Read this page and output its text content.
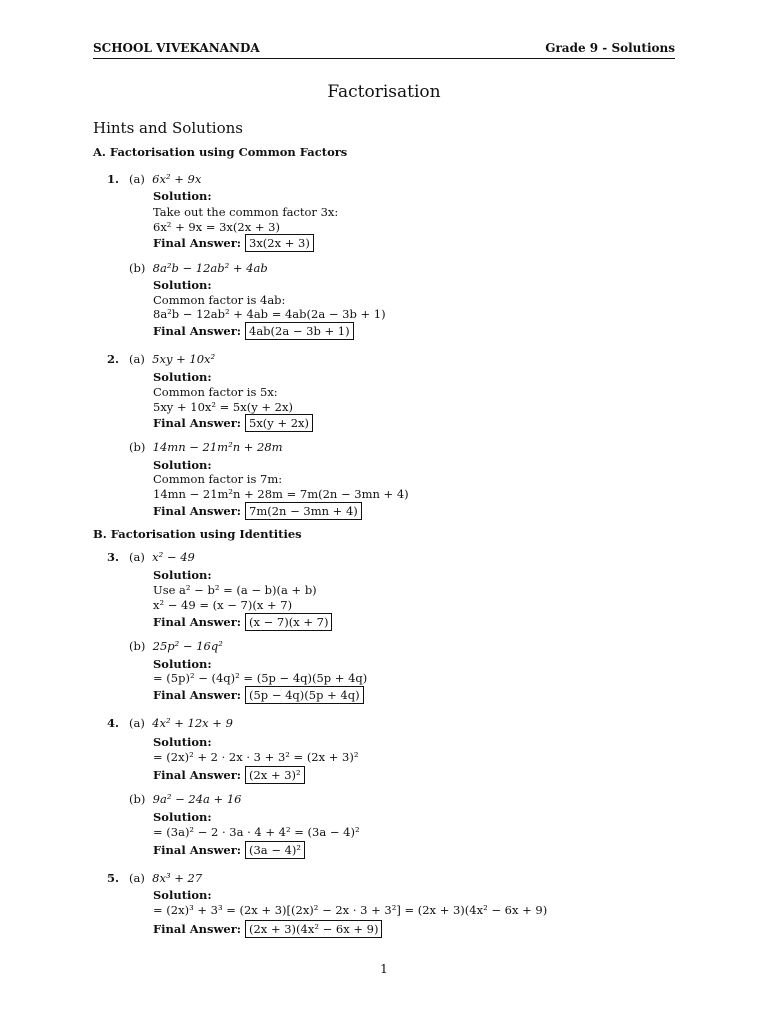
SCHOOL VIVEKANANDA	Grade 9 - Solutions
Factorisation
Hints and Solutions
A. Factorisation using Common Factors
1. (a) 6x² + 9x
Solution:
Take out the common factor 3x:
6x² + 9x = 3x(2x + 3)
Final Answer: 3x(2x + 3)
(b) 8a²b − 12ab² + 4ab
Solution:
Common factor is 4ab:
8a²b − 12ab² + 4ab = 4ab(2a − 3b + 1)
Final Answer: 4ab(2a − 3b + 1)
2. (a) 5xy + 10x²
Solution:
Common factor is 5x:
5xy + 10x² = 5x(y + 2x)
Final Answer: 5x(y + 2x)
(b) 14mn − 21m²n + 28m
Solution:
Common factor is 7m:
14mn − 21m²n + 28m = 7m(2n − 3mn + 4)
Final Answer: 7m(2n − 3mn + 4)
B. Factorisation using Identities
3. (a) x² − 49
Solution:
Use a² − b² = (a − b)(a + b)
x² − 49 = (x − 7)(x + 7)
Final Answer: (x − 7)(x + 7)
(b) 25p² − 16q²
Solution:
= (5p)² − (4q)² = (5p − 4q)(5p + 4q)
Final Answer: (5p − 4q)(5p + 4q)
4. (a) 4x² + 12x + 9
Solution:
= (2x)² + 2 · 2x · 3 + 3² = (2x + 3)²
Final Answer: (2x + 3)²
(b) 9a² − 24a + 16
Solution:
= (3a)² − 2 · 3a · 4 + 4² = (3a − 4)²
Final Answer: (3a − 4)²
5. (a) 8x³ + 27
Solution:
= (2x)³ + 3³ = (2x + 3)[(2x)² − 2x · 3 + 3²] = (2x + 3)(4x² − 6x + 9)
Final Answer: (2x + 3)(4x² − 6x + 9)
1
